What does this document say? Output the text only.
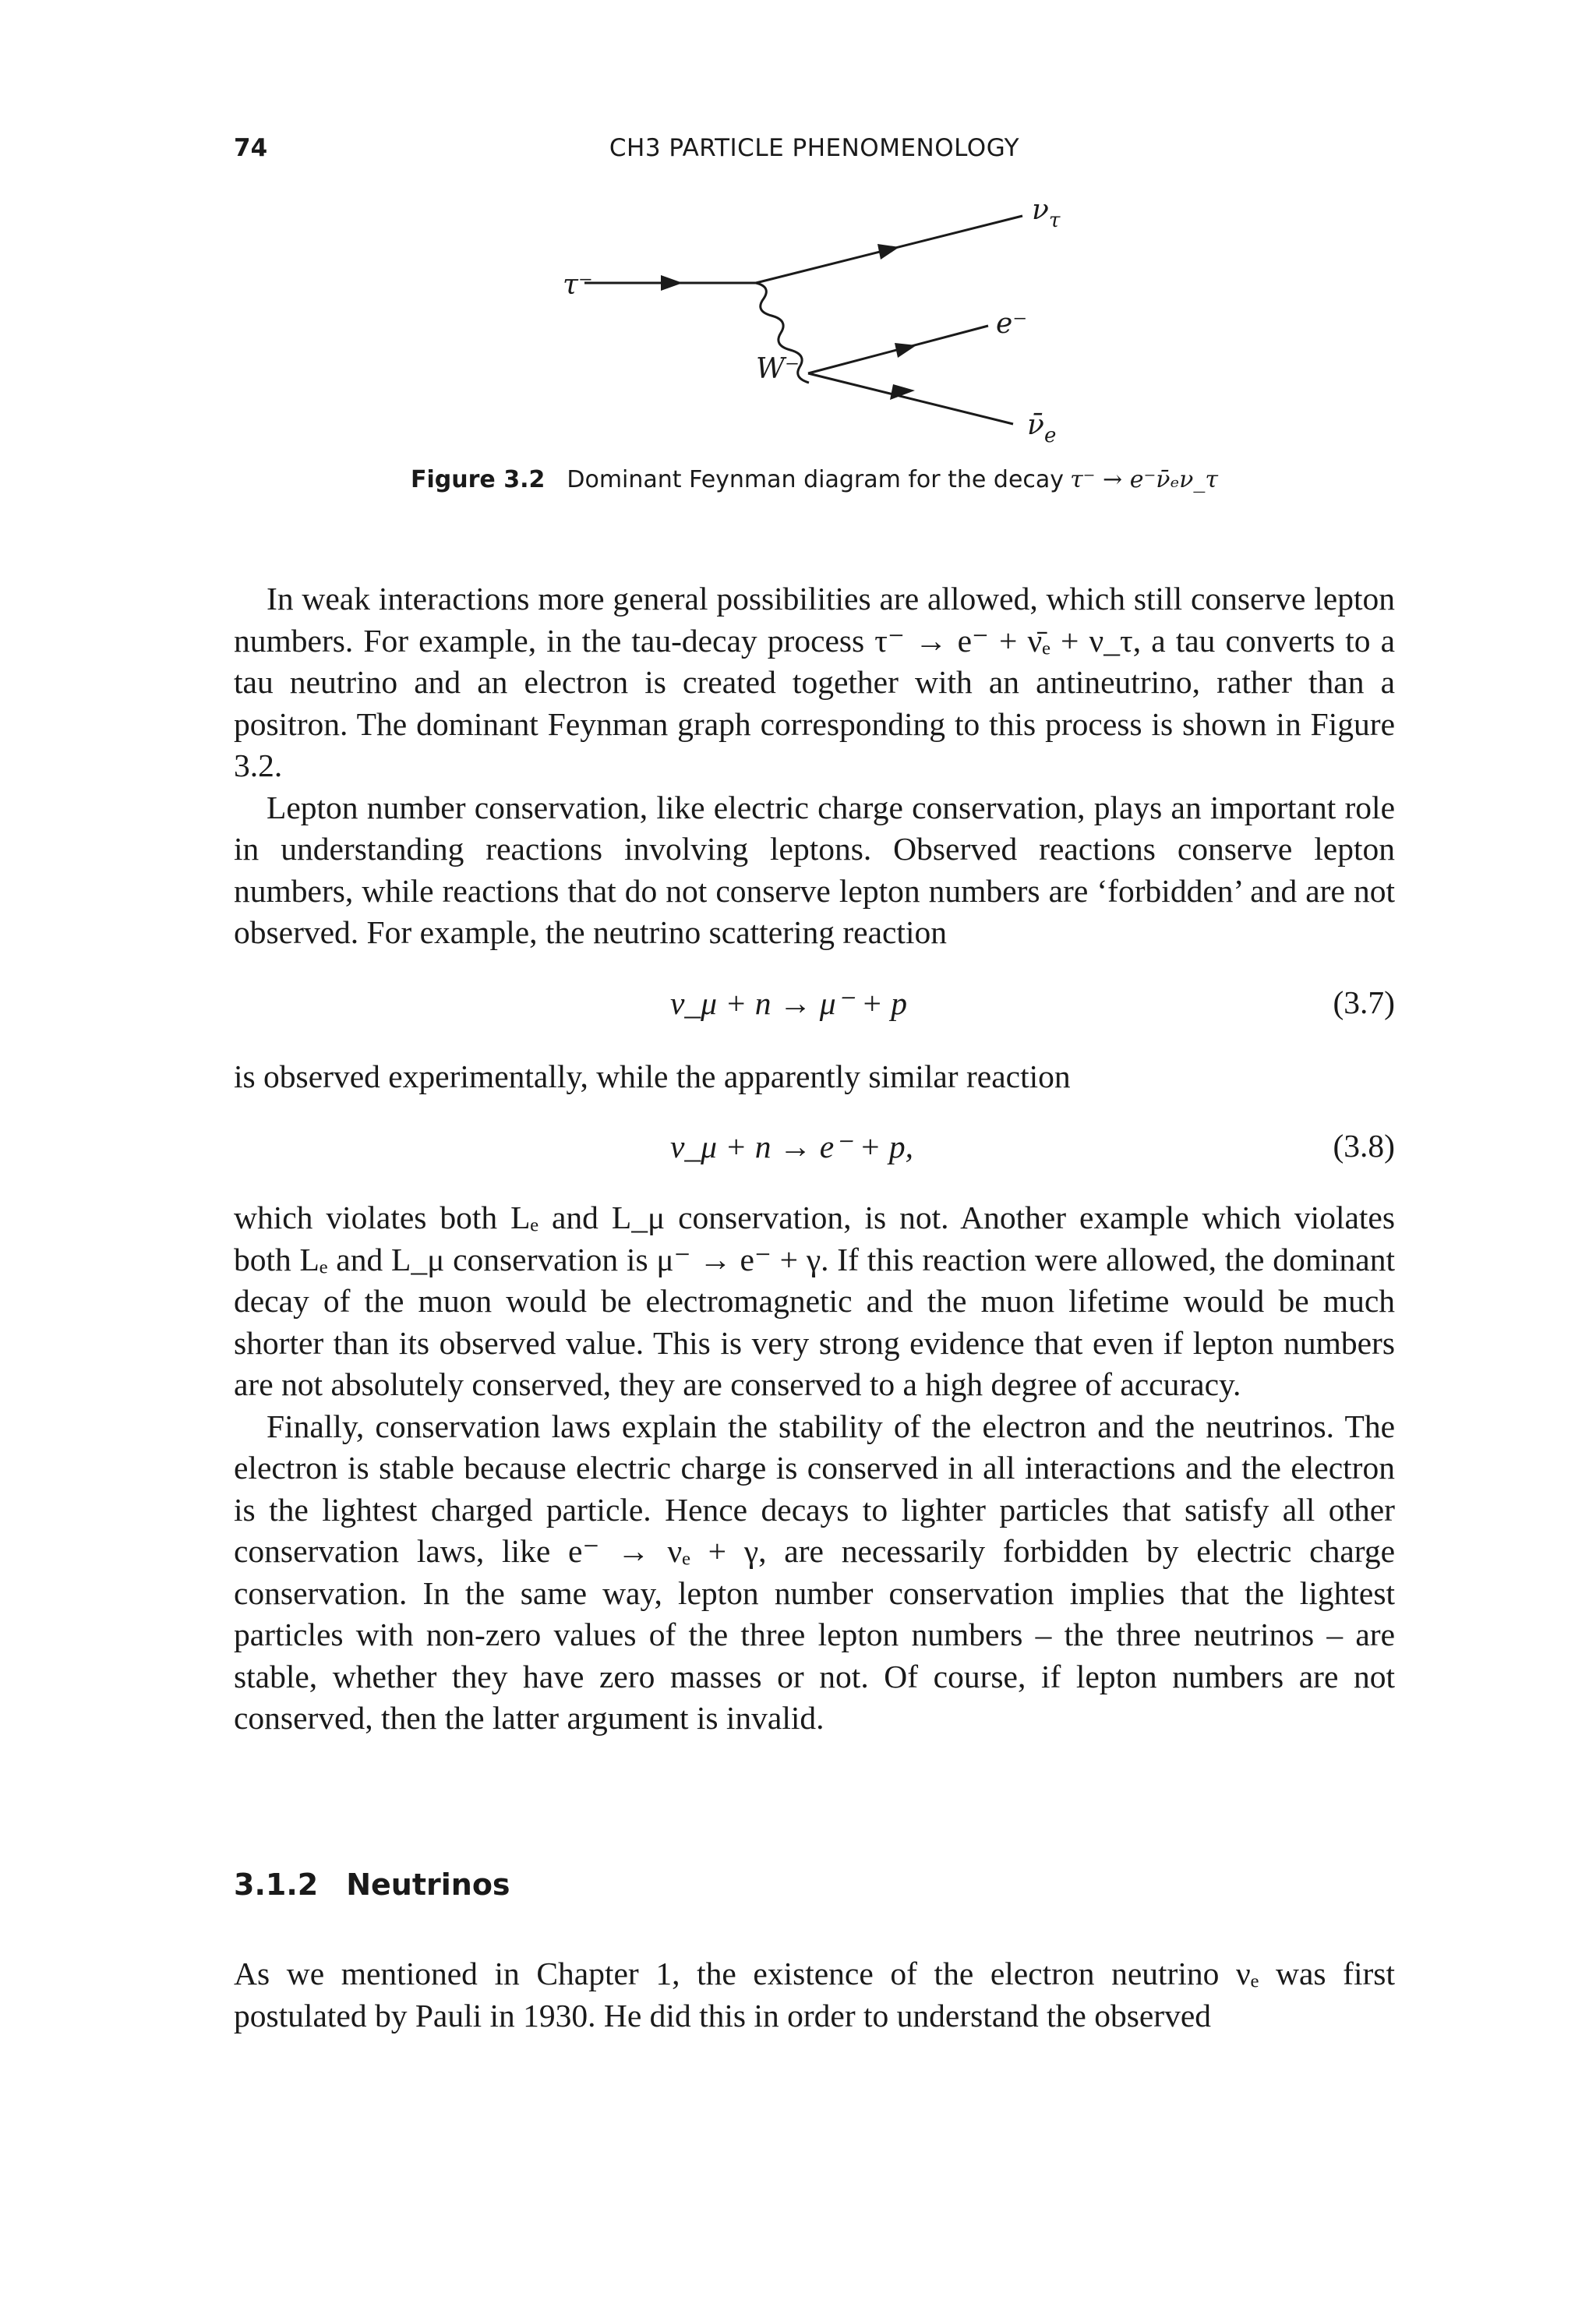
74	CH3 PARTICLE PHENOMENOLOGY
τ⁻
ν τ
W⁻
e⁻
ν̄ e
Figure 3.2 Dominant Feynman diagram for the decay τ⁻ → e⁻ν̄ₑν_τ

In weak interactions more general possibilities are allowed, which still conserve lepton numbers. For example, in the tau-decay process τ⁻ → e⁻ + ν̄ₑ + ν_τ, a tau converts to a tau neutrino and an electron is created together with an antineutrino, rather than a positron. The dominant Feynman graph corresponding to this process is shown in Figure 3.2.

Lepton number conservation, like electric charge conservation, plays an important role in understanding reactions involving leptons. Observed reactions conserve lepton numbers, while reactions that do not conserve lepton numbers are ‘forbidden’ and are not observed. For example, the neutrino scattering reaction

ν_μ + n → μ⁻ + p	(3.7)

is observed experimentally, while the apparently similar reaction

ν_μ + n → e⁻ + p,	(3.8)

which violates both Lₑ and L_μ conservation, is not. Another example which violates both Lₑ and L_μ conservation is μ⁻ → e⁻ + γ. If this reaction were allowed, the dominant decay of the muon would be electromagnetic and the muon lifetime would be much shorter than its observed value. This is very strong evidence that even if lepton numbers are not absolutely conserved, they are conserved to a high degree of accuracy.

Finally, conservation laws explain the stability of the electron and the neutrinos. The electron is stable because electric charge is conserved in all interactions and the electron is the lightest charged particle. Hence decays to lighter particles that satisfy all other conservation laws, like e⁻ → νₑ + γ, are necessarily forbidden by electric charge conservation. In the same way, lepton number conservation implies that the lightest particles with non-zero values of the three lepton numbers – the three neutrinos – are stable, whether they have zero masses or not. Of course, if lepton numbers are not conserved, then the latter argument is invalid.

3.1.2 Neutrinos

As we mentioned in Chapter 1, the existence of the electron neutrino νₑ was first postulated by Pauli in 1930. He did this in order to understand the observed
